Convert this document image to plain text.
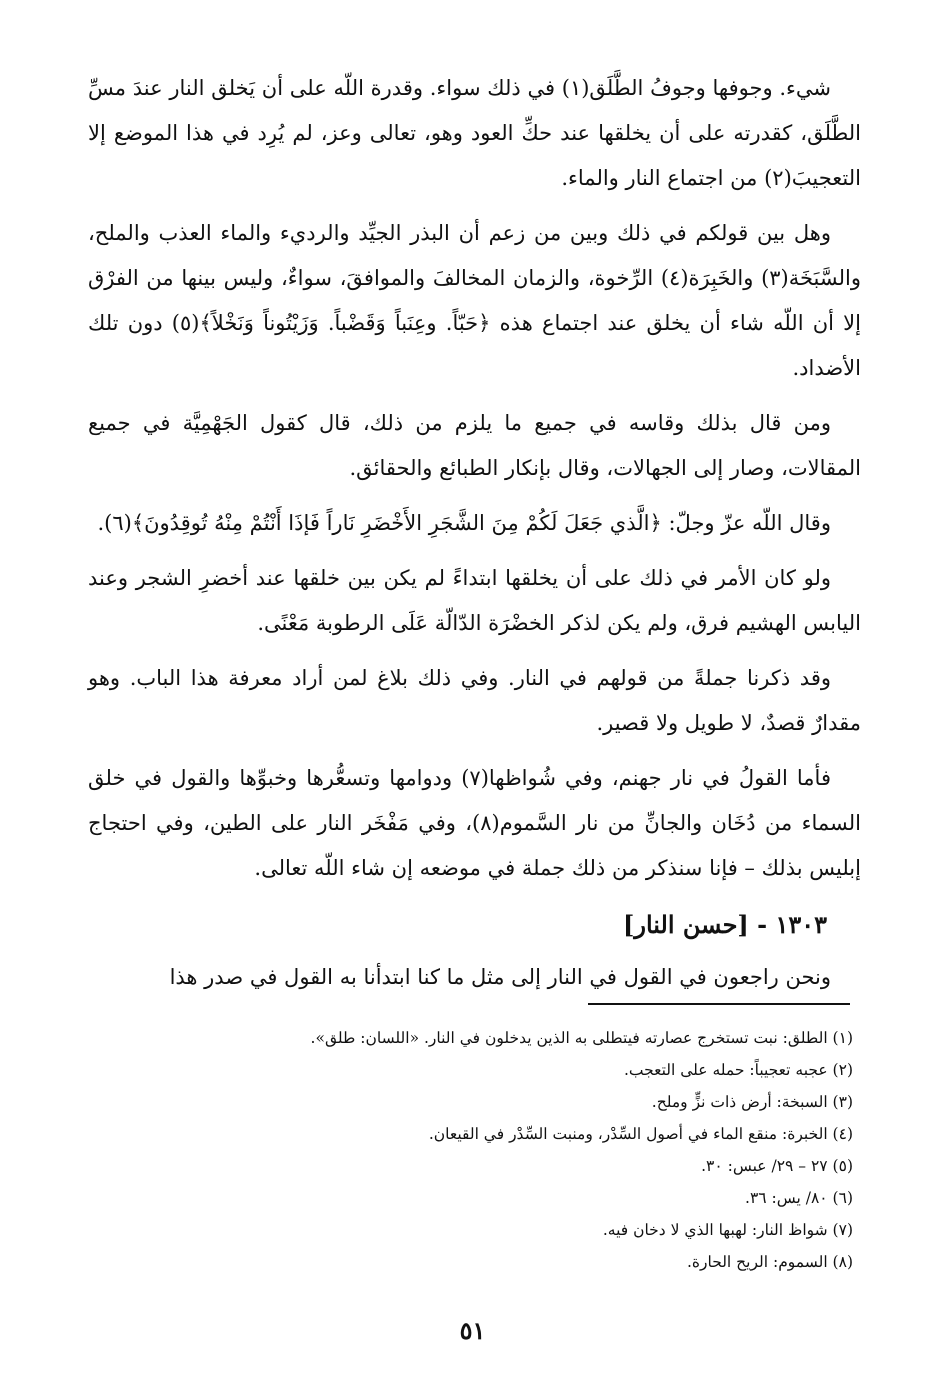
شيء. وجوفها وجوفُ الطَّلَق(١) في ذلك سواء. وقدرة اللّه على أن يَخلق النار عندَ مسِّ الطَّلَق، كقدرته على أن يخلقها عند حكِّ العود وهو، تعالى وعز، لم يُرِد في هذا الموضع إلا التعجيبَ(٢) من اجتماع النار والماء.

وهل بين قولكم في ذلك وبين من زعم أن البذر الجيِّد والرديء والماء العذب والملح، والسَّبَخَة(٣) والخَبِرَة(٤) الرِّخوة، والزمان المخالفَ والموافقَ، سواءٌ، وليس بينها من الفرْق إلا أن اللّه شاء أن يخلق عند اجتماع هذه ﴿حَبّاً. وعِنَباً وَقَضْباً. وَزَيْتُوناً وَنَخْلاً﴾(٥) دون تلك الأضداد.

ومن قال بذلك وقاسه في جميع ما يلزم من ذلك، قال كقول الجَهْمِيَّة في جميع المقالات، وصار إلى الجهالات، وقال بإنكار الطبائع والحقائق.

وقال اللّه عزّ وجلّ: ﴿الَّذي جَعَلَ لَكُمْ مِنَ الشَّجَرِ الأَخْضَرِ نَاراً فَإذَا أَنْتُمْ مِنْهُ تُوقِدُونَ﴾(٦).

ولو كان الأمر في ذلك على أن يخلقها ابتداءً لم يكن بين خلقها عند أخضرِ الشجر وعند اليابس الهشيم فرق، ولم يكن لذكر الخضْرَة الدّالّة عَلَى الرطوبة مَعْنًى.

وقد ذكرنا جملةً من قولهم في النار. وفي ذلك بلاغ لمن أراد معرفة هذا الباب. وهو مقدارٌ قصدٌ، لا طويل ولا قصير.

فأما القولُ في نار جهنم، وفي شُواظها(٧) ودوامها وتسعُّرها وخبوِّها والقول في خلق السماء من دُخَان والجانِّ من نار السَّموم(٨)، وفي مَفْخَر النار على الطين، وفي احتجاج إبليس بذلك – فإنا سنذكر من ذلك جملة في موضعه إن شاء اللّه تعالى.

١٣٠٣ - [حسن النار]

ونحن راجعون في القول في النار إلى مثل ما كنا ابتدأنا به القول في صدر هذا

(١) الطلق: نبت تستخرج عصارته فيتطلى به الذين يدخلون في النار. «اللسان: طلق».
(٢) عجبه تعجيباً: حمله على التعجب.
(٣) السبخة: أرض ذات نزٍّ وملح.
(٤) الخبرة: منقع الماء في أصول السِّدْر، ومنبت السِّدْر في القيعان.
(٥) ٢٧ – ٢٩/ عبس: ٣٠.
(٦) ٨٠/ يس: ٣٦.
(٧) شواظ النار: لهبها الذي لا دخان فيه.
(٨) السموم: الريح الحارة.
٥١
